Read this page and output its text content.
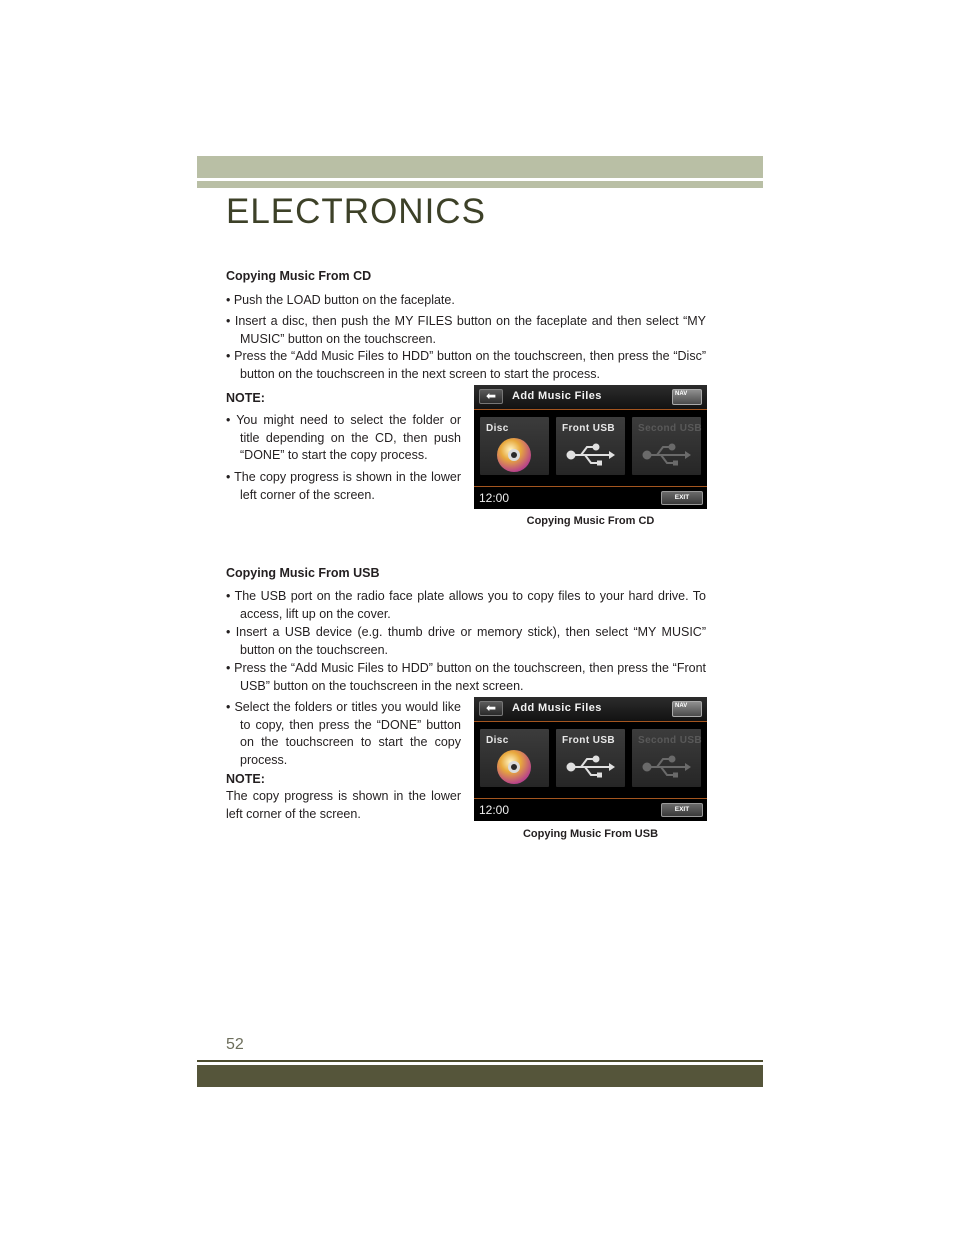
ELECTRONICS
Copying Music From CD
• Push the LOAD button on the faceplate.
• Insert a disc, then push the MY FILES button on the faceplate and then select “MY MUSIC” button on the touchscreen.
• Press the “Add Music Files to HDD” button on the touchscreen, then press the “Disc” button on the touchscreen in the next screen to start the process.
NOTE:
• You might need to select the folder or title depending on the CD, then push “DONE” to start the copy process.
• The copy progress is shown in the lower left corner of the screen.
⬅	Add Music Files	NAV
Disc	Front USB Second USB
12:00	EXIT
Copying Music From CD
Copying Music From USB
• The USB port on the radio face plate allows you to copy files to your hard drive. To access, lift up on the cover.
• Insert a USB device (e.g. thumb drive or memory stick), then select “MY MUSIC” button on the touchscreen.
• Press the “Add Music Files to HDD” button on the touchscreen, then press the “Front USB” button on the touchscreen in the next screen.
• Select the folders or titles you would like to copy, then press the “DONE” button on the touchscreen to start the copy process.
NOTE:
The copy progress is shown in the lower left corner of the screen.
⬅	Add Music Files	NAV
Disc	Front USB Second USB
12:00	EXIT
Copying Music From USB
52
